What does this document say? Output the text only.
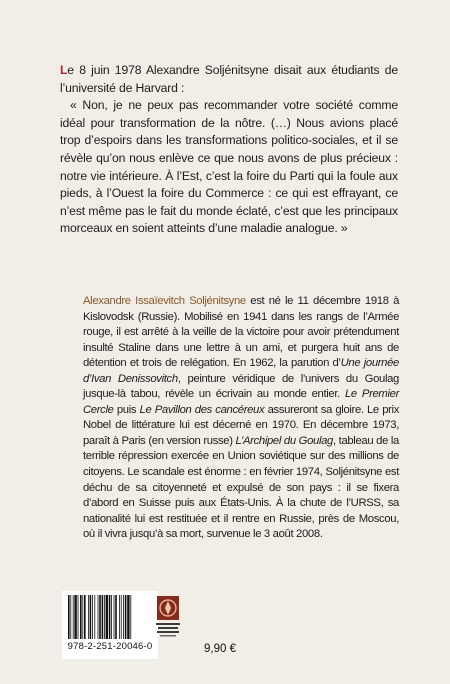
Le 8 juin 1978 Alexandre Soljénitsyne disait aux étudiants de l’université de Harvard :

« Non, je ne peux pas recommander votre société comme idéal pour transformation de la nôtre. (…) Nous avions placé trop d’espoirs dans les transformations politico-sociales, et il se révèle qu’on nous enlève ce que nous avons de plus précieux : notre vie intérieure. À l’Est, c’est la foire du Parti qui la foule aux pieds, à l’Ouest la foire du Commerce : ce qui est effrayant, ce n’est même pas le fait du monde éclaté, c’est que les principaux morceaux en soient atteints d’une maladie analogue. »

Alexandre Issaïevitch Soljénitsyne est né le 11 décembre 1918 à Kislovodsk (Russie). Mobilisé en 1941 dans les rangs de l’Armée rouge, il est arrêté à la veille de la victoire pour avoir prétendument insulté Staline dans une lettre à un ami, et purgera huit ans de détention et trois de relégation. En 1962, la parution d’Une journée d’Ivan Denissovitch, peinture véridique de l’univers du Goulag jusque-là tabou, révèle un écrivain au monde entier. Le Premier Cercle puis Le Pavillon des cancéreux assureront sa gloire. Le prix Nobel de littérature lui est décerné en 1970. En décembre 1973, paraît à Paris (en version russe) L’Archipel du Goulag, tableau de la terrible répression exercée en Union soviétique sur des millions de citoyens. Le scandale est énorme : en février 1974, Soljénitsyne est déchu de sa citoyenneté et expulsé de son pays : il se fixera d’abord en Suisse puis aux États-Unis. À la chute de l’URSS, sa nationalité lui est restituée et il rentre en Russie, près de Moscou, où il vivra jusqu’à sa mort, survenue le 3 août 2008.
978-2-251-20046-0	9,90 €
